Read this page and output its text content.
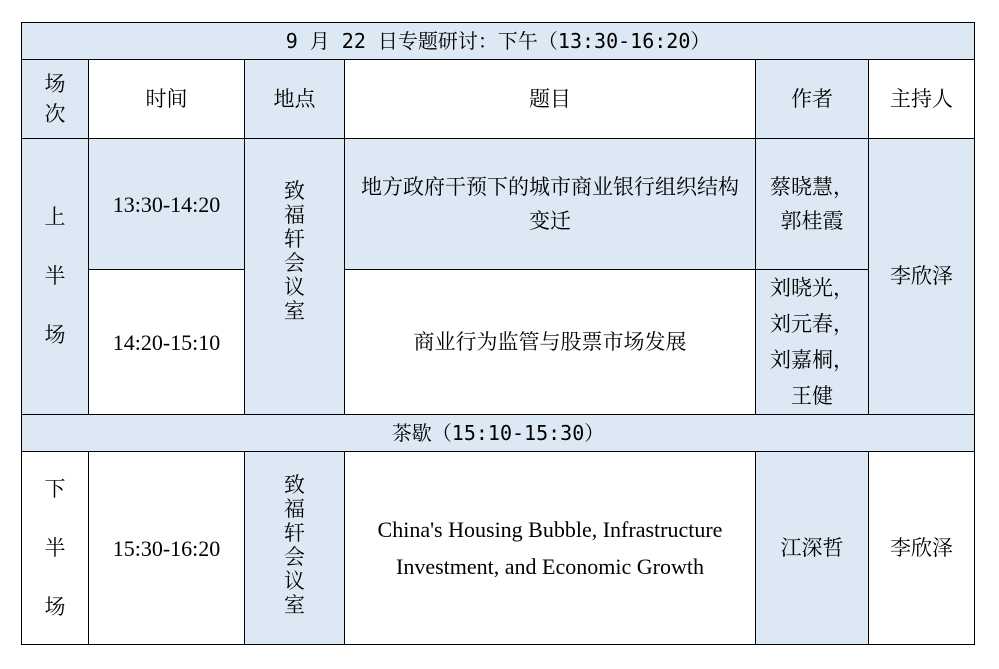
9 月 22 日专题研讨：下午（13:30-16:20）					
场次	时间	地点	题目	作者	主持人
上半场	13:30-14:20	致福轩会议室	地方政府干预下的城市商业银行组织结构变迁	蔡晓慧，郭桂霞	李欣泽
	14:20-15:10		商业行为监管与股票市场发展	刘晓光，刘元春，刘嘉桐，王健	
茶歇（15:10-15:30）					
下半场	15:30-16:20	致福轩会议室	China's Housing Bubble, Infrastructure Investment, and Economic Growth	江深哲	李欣泽
